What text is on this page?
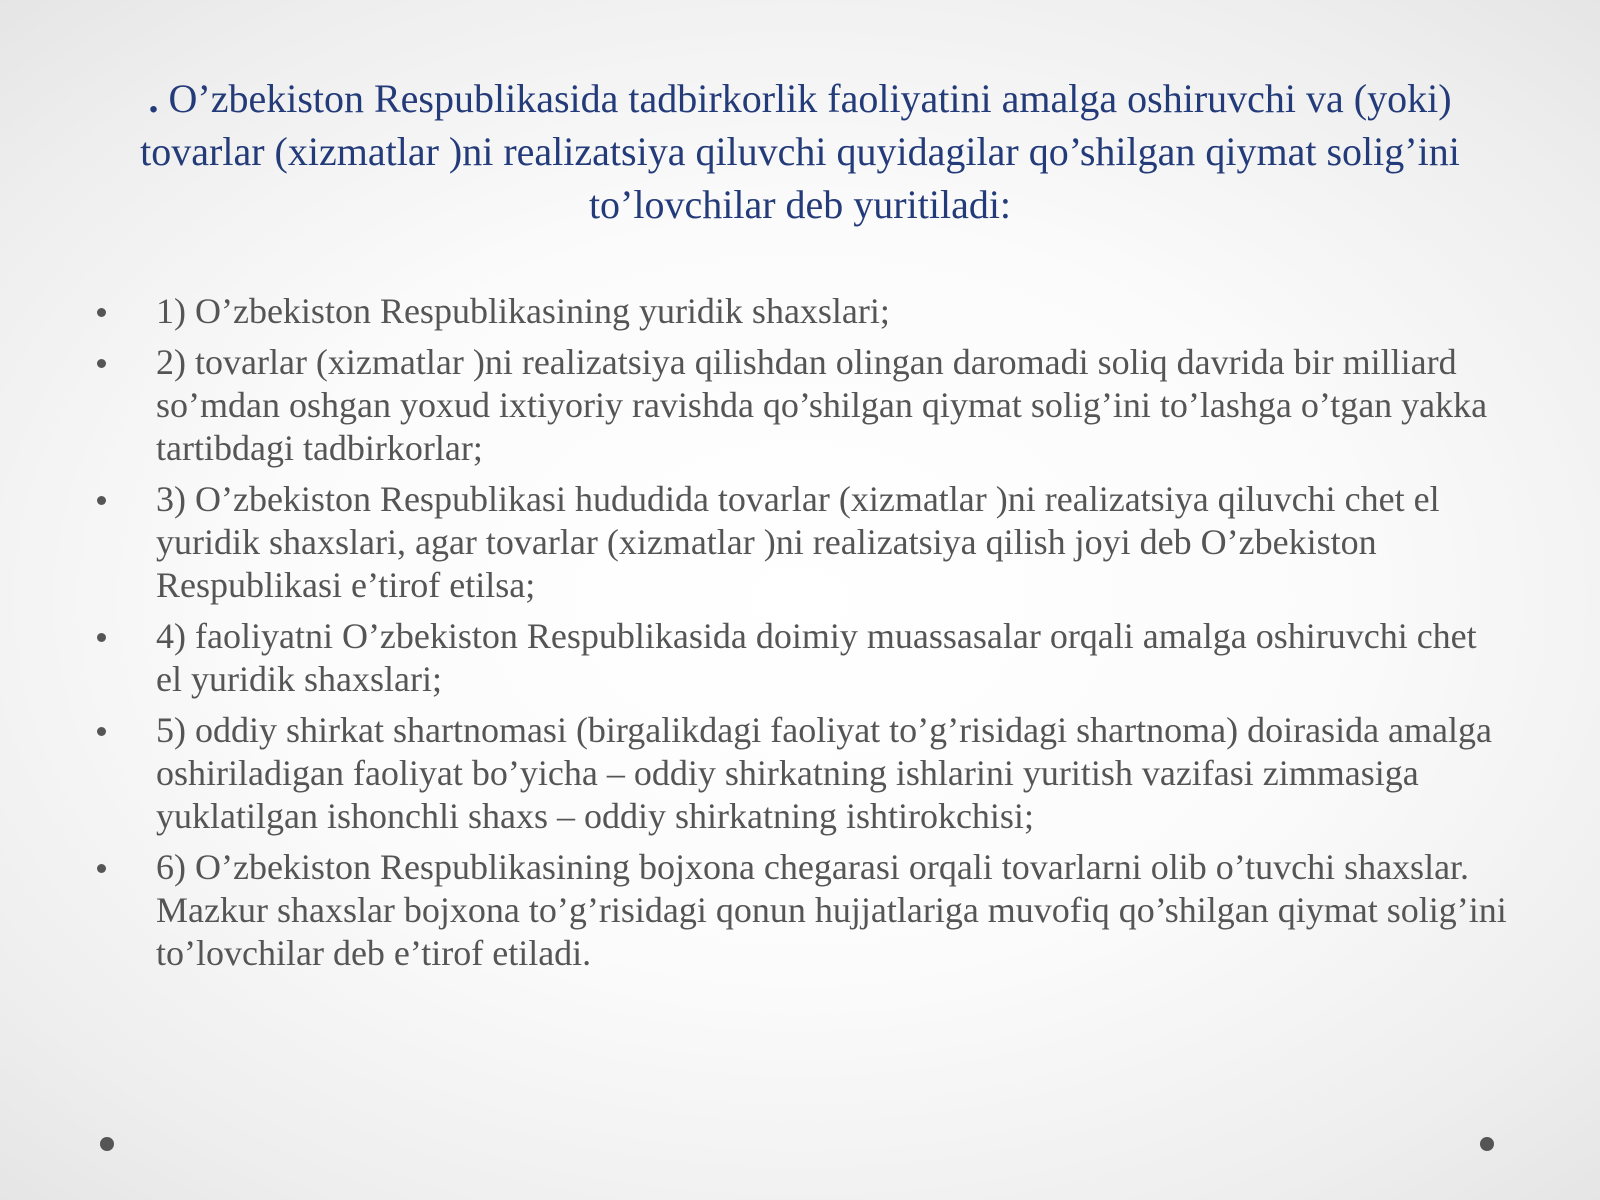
. O’zbekiston Respublikasida tadbirkorlik faoliyatini amalga oshiruvchi va (yoki) tovarlar (xizmatlar )ni realizatsiya qiluvchi quyidagilar qo’shilgan qiymat solig’ini to’lovchilar deb yuritiladi:
1) O’zbekiston Respublikasining yuridik shaxslari;
2) tovarlar (xizmatlar )ni realizatsiya qilishdan olingan daromadi soliq davrida bir milliard so’mdan oshgan yoxud ixtiyoriy ravishda qo’shilgan qiymat solig’ini to’lashga o’tgan yakka tartibdagi tadbirkorlar;
3) O’zbekiston Respublikasi hududida tovarlar (xizmatlar )ni realizatsiya qiluvchi chet el yuridik shaxslari, agar tovarlar (xizmatlar )ni realizatsiya qilish joyi deb O’zbekiston Respublikasi e’tirof etilsa;
4) faoliyatni O’zbekiston Respublikasida doimiy muassasalar orqali amalga oshiruvchi chet el yuridik shaxslari;
5) oddiy shirkat shartnomasi (birgalikdagi faoliyat to’g’risidagi shartnoma) doirasida amalga oshiriladigan faoliyat bo’yicha – oddiy shirkatning ishlarini yuritish vazifasi zimmasiga yuklatilgan ishonchli shaxs – oddiy shirkatning ishtirokchisi;
6) O’zbekiston Respublikasining bojxona chegarasi orqali tovarlarni olib o’tuvchi shaxslar. Mazkur shaxslar bojxona to’g’risidagi qonun hujjatlariga muvofiq qo’shilgan qiymat solig’ini to’lovchilar deb e’tirof etiladi.
